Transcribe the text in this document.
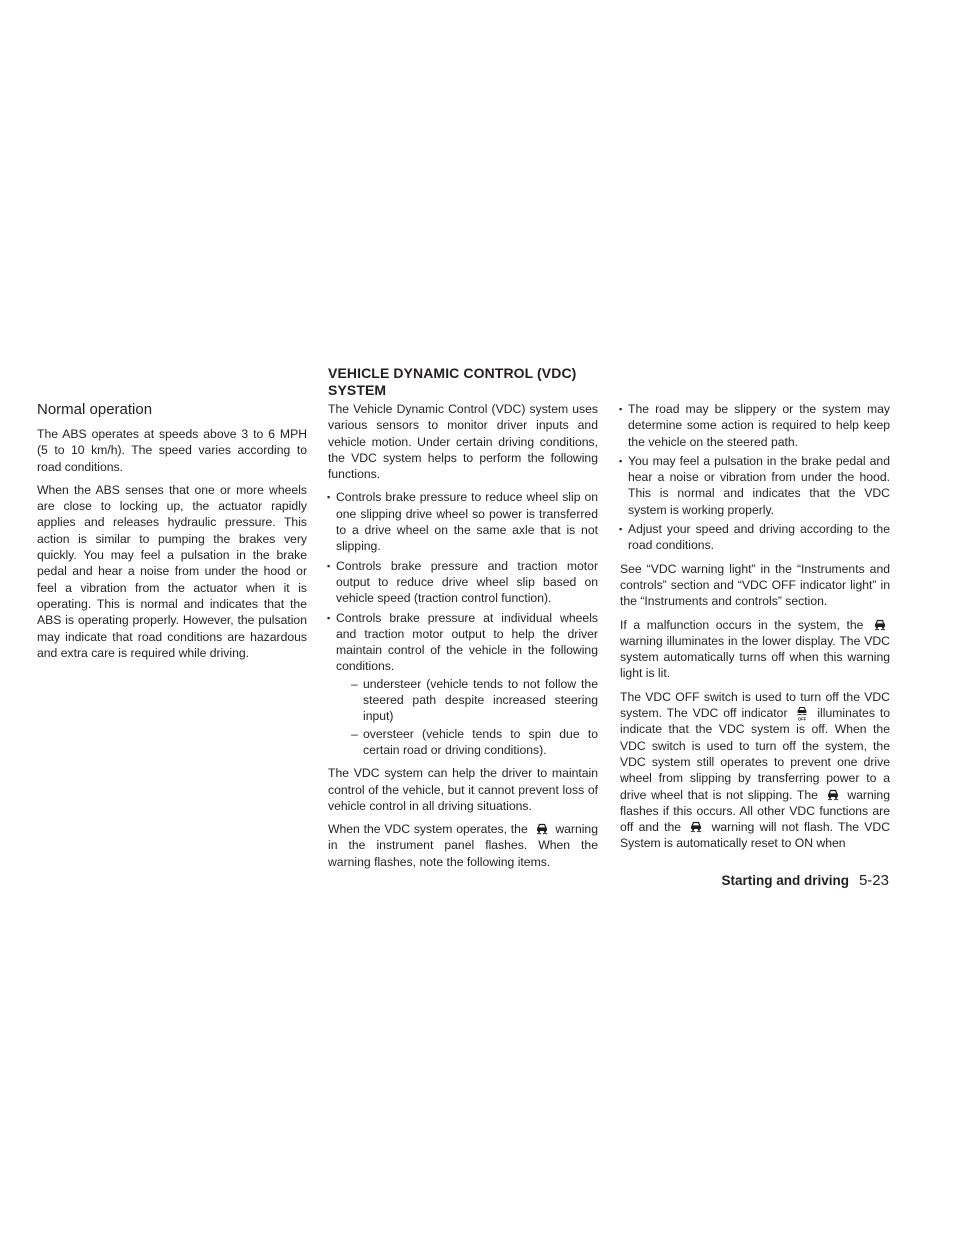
Normal operation

The ABS operates at speeds above 3 to 6 MPH (5 to 10 km/h). The speed varies according to road conditions.

When the ABS senses that one or more wheels are close to locking up, the actuator rapidly applies and releases hydraulic pressure. This action is similar to pumping the brakes very quickly. You may feel a pulsation in the brake pedal and hear a noise from under the hood or feel a vibration from the actuator when it is operating. This is normal and indicates that the ABS is operating properly. However, the pulsation may indicate that road conditions are hazardous and extra care is required while driving.

VEHICLE DYNAMIC CONTROL (VDC) SYSTEM

The Vehicle Dynamic Control (VDC) system uses various sensors to monitor driver inputs and vehicle motion. Under certain driving conditions, the VDC system helps to perform the following functions.

▪ Controls brake pressure to reduce wheel slip on one slipping drive wheel so power is transferred to a drive wheel on the same axle that is not slipping.
▪ Controls brake pressure and traction motor output to reduce drive wheel slip based on vehicle speed (traction control function).
▪ Controls brake pressure at individual wheels and traction motor output to help the driver maintain control of the vehicle in the following conditions.
– understeer (vehicle tends to not follow the steered path despite increased steering input)
– oversteer (vehicle tends to spin due to certain road or driving conditions).

The VDC system can help the driver to maintain control of the vehicle, but it cannot prevent loss of vehicle control in all driving situations.

When the VDC system operates, the warning in the instrument panel flashes. When the warning flashes, note the following items.

▪ The road may be slippery or the system may determine some action is required to help keep the vehicle on the steered path.
▪ You may feel a pulsation in the brake pedal and hear a noise or vibration from under the hood. This is normal and indicates that the VDC system is working properly.
▪ Adjust your speed and driving according to the road conditions.

See “VDC warning light” in the “Instruments and controls” section and “VDC OFF indicator light” in the “Instruments and controls” section.

If a malfunction occurs in the system, the  warning illuminates in the lower display. The VDC system automatically turns off when this warning light is lit.

The VDC OFF switch is used to turn off the VDC system. The VDC off indicator	OFF illuminates to indicate that the VDC system is off. When the VDC switch is used to turn off the system, the VDC system still operates to prevent one drive wheel from slipping by transferring power to a drive wheel that is not slipping. The warning flashes if this occurs. All other VDC functions are off and the	warning will not flash. The VDC System is automatically reset to ON when

Starting and driving 5-23
